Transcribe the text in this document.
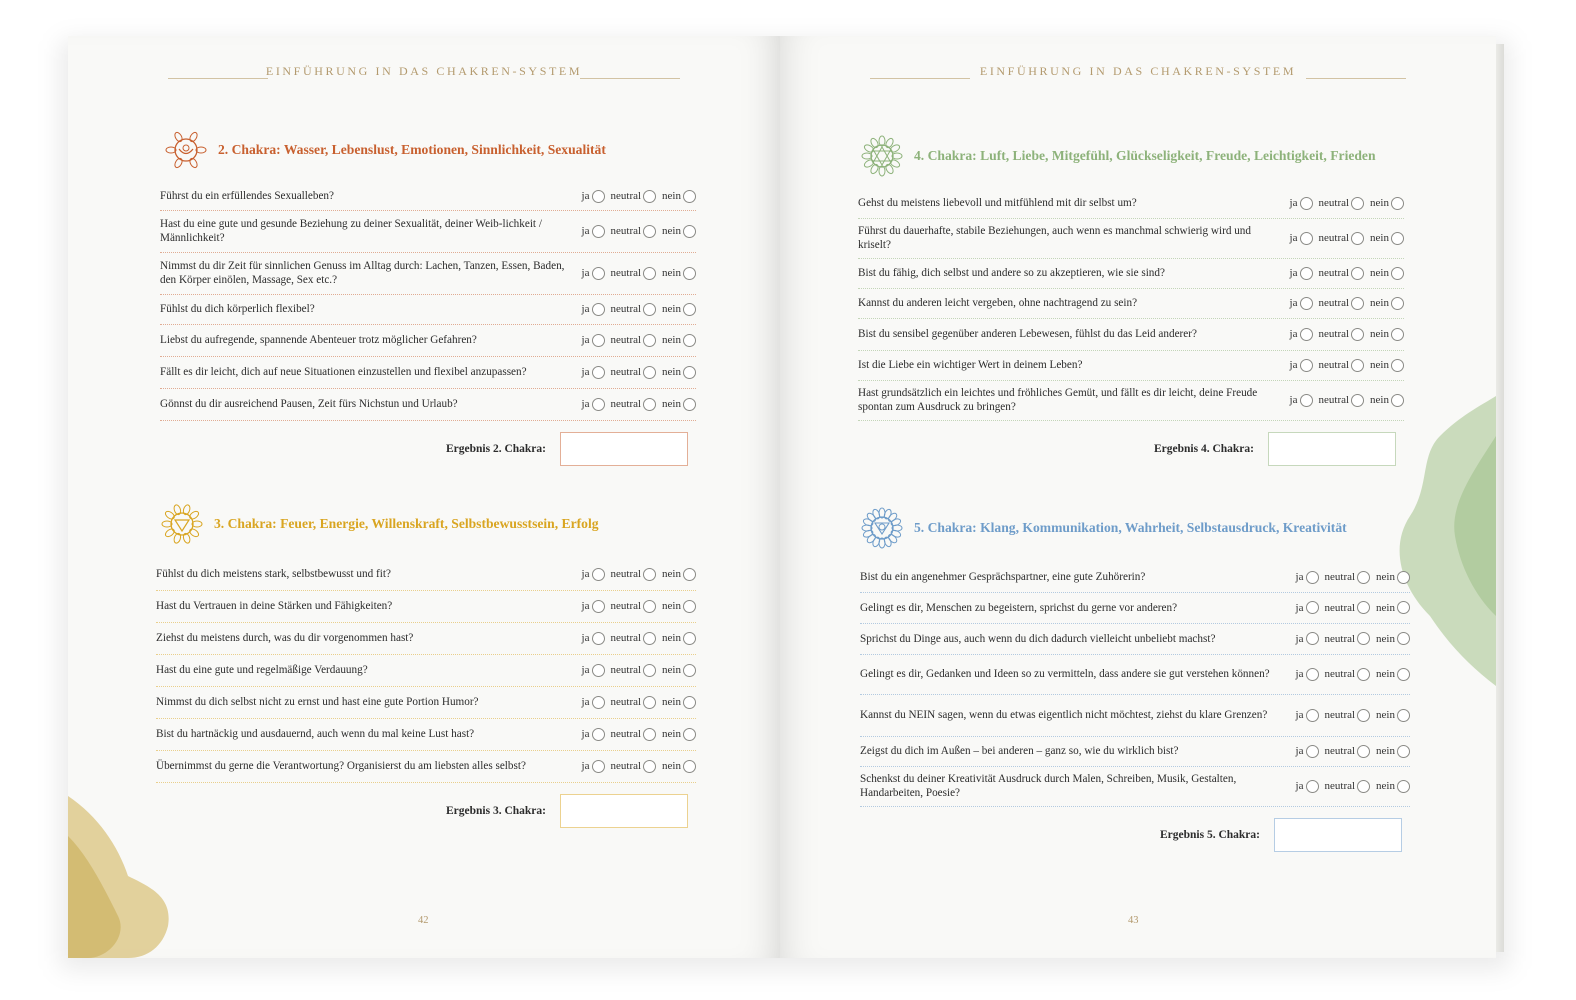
EINFÜHRUNG IN DAS CHAKREN-SYSTEM
2. Chakra: Wasser, Lebenslust, Emotionen, Sinnlichkeit, Sexualität
Führst du ein erfüllendes Sexualleben?	ja neutral nein
Hast du eine gute und gesunde Beziehung zu deiner Sexualität, deiner Weib-lichkeit / Männlichkeit?
ja neutral nein
Nimmst du dir Zeit für sinnlichen Genuss im Alltag durch: Lachen, Tanzen, Essen, Baden, den Körper einölen, Massage, Sex etc.?
ja neutral nein
Fühlst du dich körperlich flexibel?	ja neutral nein
Liebst du aufregende, spannende Abenteuer trotz möglicher Gefahren?	ja neutral nein
Fällt es dir leicht, dich auf neue Situationen einzustellen und flexibel anzupassen?	ja neutral nein
Gönnst du dir ausreichend Pausen, Zeit fürs Nichstun und Urlaub?	ja neutral nein
Ergebnis 2. Chakra:
3. Chakra: Feuer, Energie, Willenskraft, Selbstbewusstsein, Erfolg
Fühlst du dich meistens stark, selbstbewusst und fit?	ja neutral nein
Hast du Vertrauen in deine Stärken und Fähigkeiten?	ja neutral nein
Ziehst du meistens durch, was du dir vorgenommen hast?	ja neutral nein
Hast du eine gute und regelmäßige Verdauung?	ja neutral nein
Nimmst du dich selbst nicht zu ernst und hast eine gute Portion Humor?	ja neutral nein
Bist du hartnäckig und ausdauernd, auch wenn du mal keine Lust hast?	ja neutral nein
Übernimmst du gerne die Verantwortung? Organisierst du am liebsten alles selbst?	ja neutral nein
Ergebnis 3. Chakra:
42
EINFÜHRUNG IN DAS CHAKREN-SYSTEM
4. Chakra: Luft, Liebe, Mitgefühl, Glückseligkeit, Freude, Leichtigkeit, Frieden
Gehst du meistens liebevoll und mitfühlend mit dir selbst um?	ja neutral nein
Führst du dauerhafte, stabile Beziehungen, auch wenn es manchmal schwierig wird und kriselt?
ja neutral nein
Bist du fähig, dich selbst und andere so zu akzeptieren, wie sie sind?	ja neutral nein
Kannst du anderen leicht vergeben, ohne nachtragend zu sein?	ja neutral nein
Bist du sensibel gegenüber anderen Lebewesen, fühlst du das Leid anderer?	ja neutral nein
Ist die Liebe ein wichtiger Wert in deinem Leben?	ja neutral nein
Hast grundsätzlich ein leichtes und fröhliches Gemüt, und fällt es dir leicht, deine Freude spontan zum Ausdruck zu bringen?
ja neutral nein
Ergebnis 4. Chakra:
5. Chakra: Klang, Kommunikation, Wahrheit, Selbstausdruck, Kreativität
Bist du ein angenehmer Gesprächspartner, eine gute Zuhörerin?	ja neutral nein
Gelingt es dir, Menschen zu begeistern, sprichst du gerne vor anderen?	ja neutral nein
Sprichst du Dinge aus, auch wenn du dich dadurch vielleicht unbeliebt machst?	ja neutral nein
Gelingt es dir, Gedanken und Ideen so zu vermitteln, dass andere sie gut verstehen können?	ja neutral nein
Kannst du NEIN sagen, wenn du etwas eigentlich nicht möchtest, ziehst du klare Grenzen?	ja neutral nein
Zeigst du dich im Außen – bei anderen – ganz so, wie du wirklich bist?	ja neutral nein
Schenkst du deiner Kreativität Ausdruck durch Malen, Schreiben, Musik, Gestalten, Handarbeiten, Poesie?
ja neutral nein
Ergebnis 5. Chakra:
43
